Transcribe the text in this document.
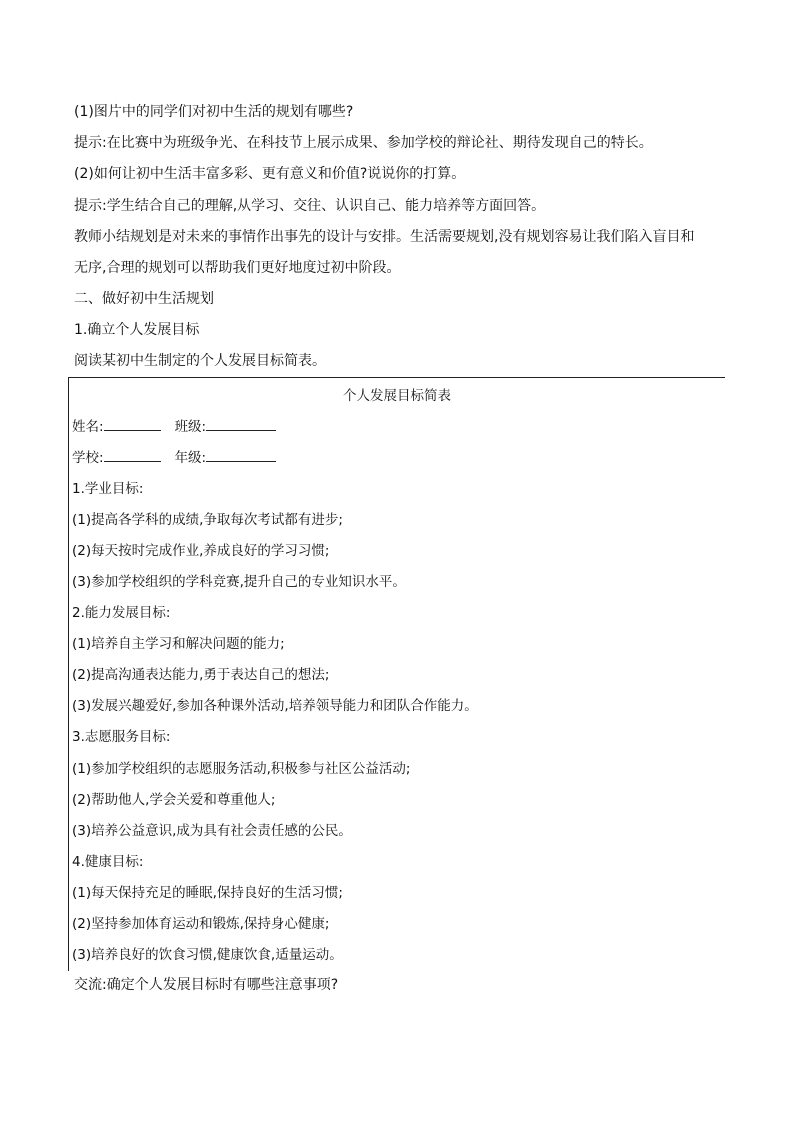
(1)图片中的同学们对初中生活的规划有哪些?
提示:在比赛中为班级争光、在科技节上展示成果、参加学校的辩论社、期待发现自己的特长。
(2)如何让初中生活丰富多彩、更有意义和价值?说说你的打算。
提示:学生结合自己的理解,从学习、交往、认识自己、能力培养等方面回答。
教师小结规划是对未来的事情作出事先的设计与安排。生活需要规划,没有规划容易让我们陷入盲目和
无序,合理的规划可以帮助我们更好地度过初中阶段。
二、做好初中生活规划
1.确立个人发展目标
阅读某初中生制定的个人发展目标简表。
个人发展目标简表
姓名:	班级:
学校:	年级:
1.学业目标:
(1)提高各学科的成绩,争取每次考试都有进步;
(2)每天按时完成作业,养成良好的学习习惯;
(3)参加学校组织的学科竞赛,提升自己的专业知识水平。
2.能力发展目标:
(1)培养自主学习和解决问题的能力;
(2)提高沟通表达能力,勇于表达自己的想法;
(3)发展兴趣爱好,参加各种课外活动,培养领导能力和团队合作能力。
3.志愿服务目标:
(1)参加学校组织的志愿服务活动,积极参与社区公益活动;
(2)帮助他人,学会关爱和尊重他人;
(3)培养公益意识,成为具有社会责任感的公民。
4.健康目标:
(1)每天保持充足的睡眠,保持良好的生活习惯;
(2)坚持参加体育运动和锻炼,保持身心健康;
(3)培养良好的饮食习惯,健康饮食,适量运动。
交流:确定个人发展目标时有哪些注意事项?
